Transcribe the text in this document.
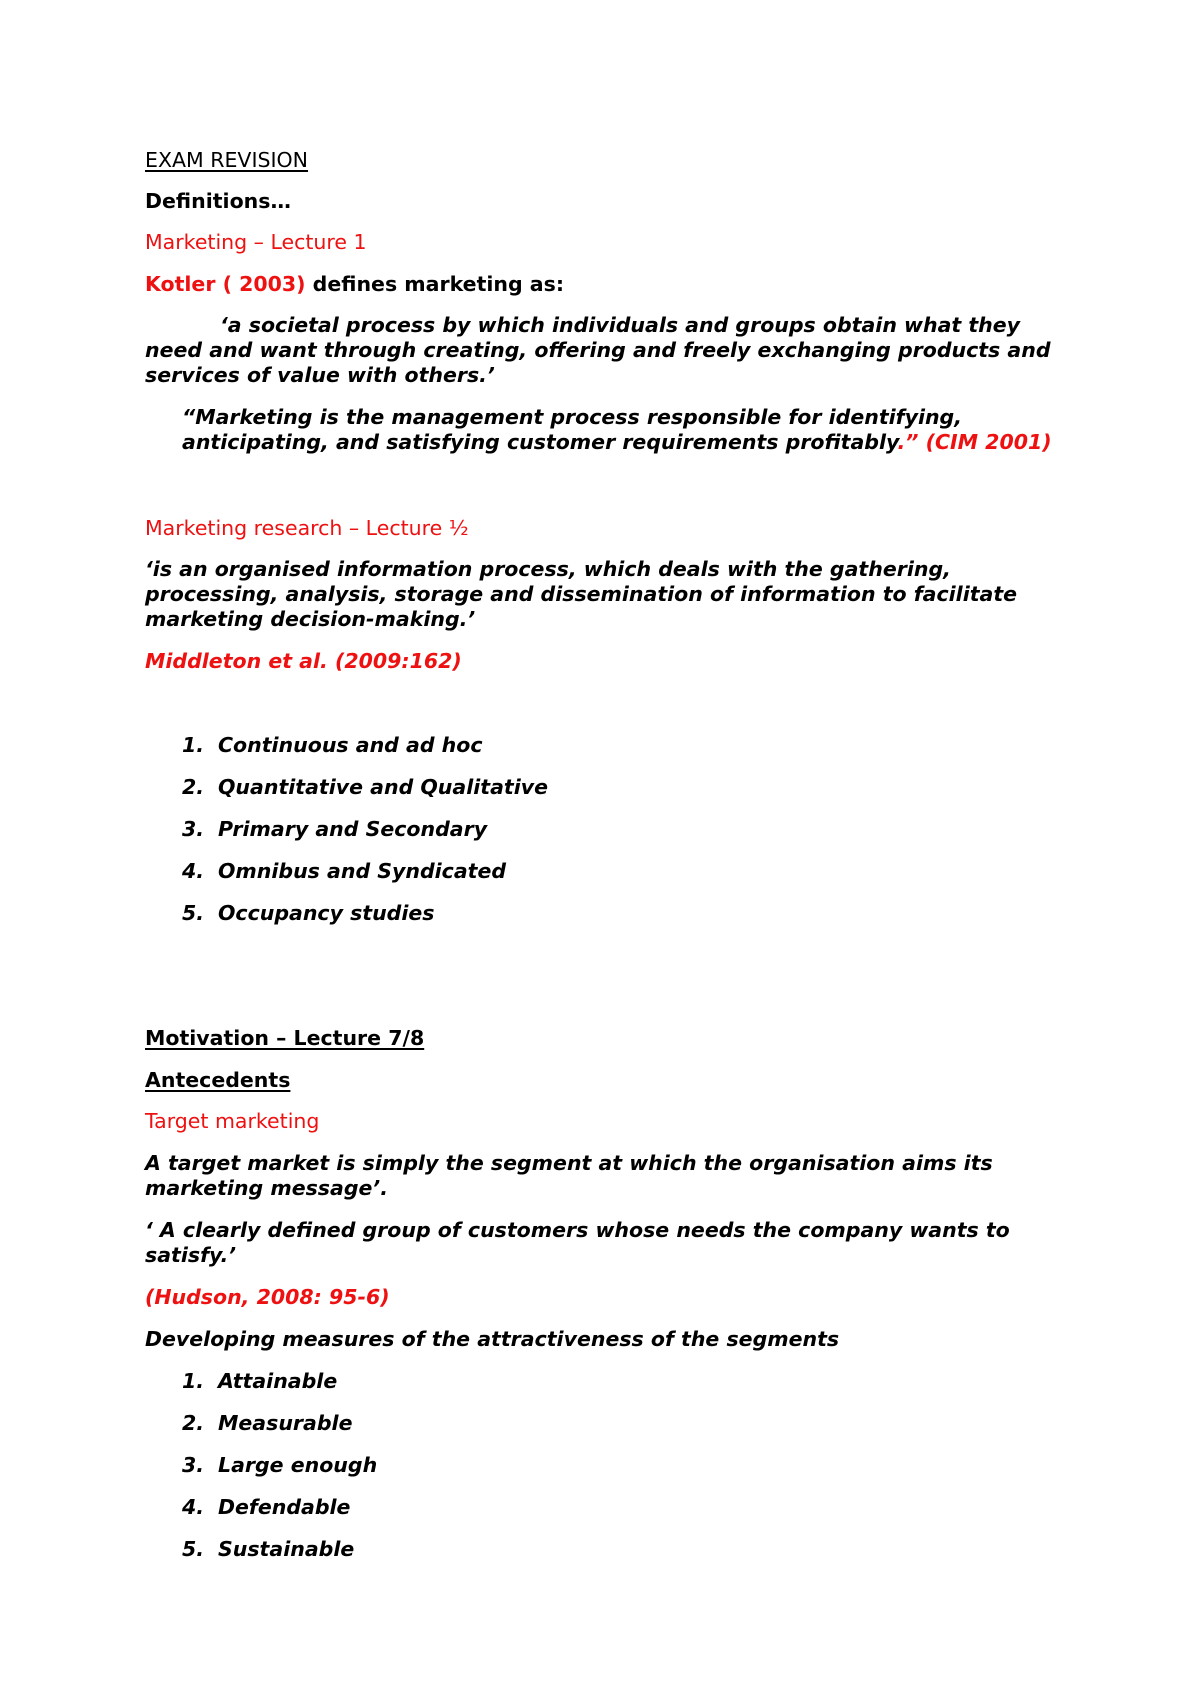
EXAM REVISION
Definitions…
Marketing – Lecture 1
Kotler ( 2003) defines marketing as:
‘a societal process by which individuals and groups obtain what they
need and want through creating, offering and freely exchanging products and
services of value with others.’
“Marketing is the management process responsible for identifying,
anticipating, and satisfying customer requirements profitably.” (CIM 2001)
Marketing research – Lecture ½
‘is an organised information process, which deals with the gathering,
processing, analysis, storage and dissemination of information to facilitate
marketing decision-making.’
Middleton et al. (2009:162)
1. Continuous and ad hoc
2. Quantitative and Qualitative
3. Primary and Secondary
4. Omnibus and Syndicated
5. Occupancy studies
Motivation – Lecture 7/8
Antecedents
Target marketing
A target market is simply the segment at which the organisation aims its
marketing message’.
‘ A clearly defined group of customers whose needs the company wants to
satisfy.’
(Hudson, 2008: 95-6)
Developing measures of the attractiveness of the segments
1. Attainable
2. Measurable
3. Large enough
4. Defendable
5. Sustainable
